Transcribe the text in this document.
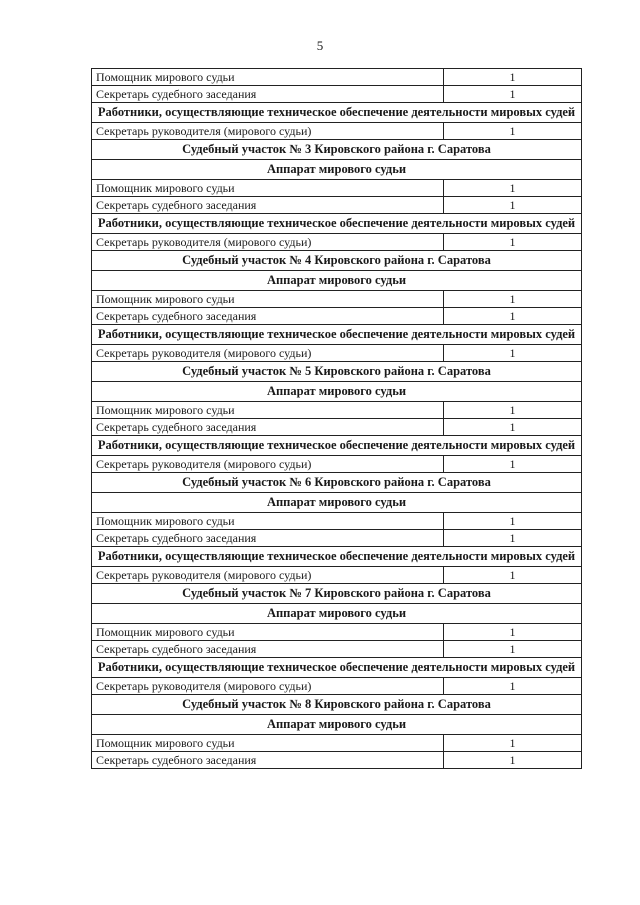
5
Помощник мирового судьи	1
Секретарь судебного заседания	1
Работники, осуществляющие техническое обеспечение деятельности мировых судей	
Секретарь руководителя (мирового судьи)	1
Судебный участок № 3 Кировского района г. Саратова	
Аппарат мирового судьи	
Помощник мирового судьи	1
Секретарь судебного заседания	1
Работники, осуществляющие техническое обеспечение деятельности мировых судей	
Секретарь руководителя (мирового судьи)	1
Судебный участок № 4 Кировского района г. Саратова	
Аппарат мирового судьи	
Помощник мирового судьи	1
Секретарь судебного заседания	1
Работники, осуществляющие техническое обеспечение деятельности мировых судей	
Секретарь руководителя (мирового судьи)	1
Судебный участок № 5 Кировского района г. Саратова	
Аппарат мирового судьи	
Помощник мирового судьи	1
Секретарь судебного заседания	1
Работники, осуществляющие техническое обеспечение деятельности мировых судей	
Секретарь руководителя (мирового судьи)	1
Судебный участок № 6 Кировского района г. Саратова	
Аппарат мирового судьи	
Помощник мирового судьи	1
Секретарь судебного заседания	1
Работники, осуществляющие техническое обеспечение деятельности мировых судей	
Секретарь руководителя (мирового судьи)	1
Судебный участок № 7 Кировского района г. Саратова	
Аппарат мирового судьи	
Помощник мирового судьи	1
Секретарь судебного заседания	1
Работники, осуществляющие техническое обеспечение деятельности мировых судей	
Секретарь руководителя (мирового судьи)	1
Судебный участок № 8 Кировского района г. Саратова	
Аппарат мирового судьи	
Помощник мирового судьи	1
Секретарь судебного заседания	1
